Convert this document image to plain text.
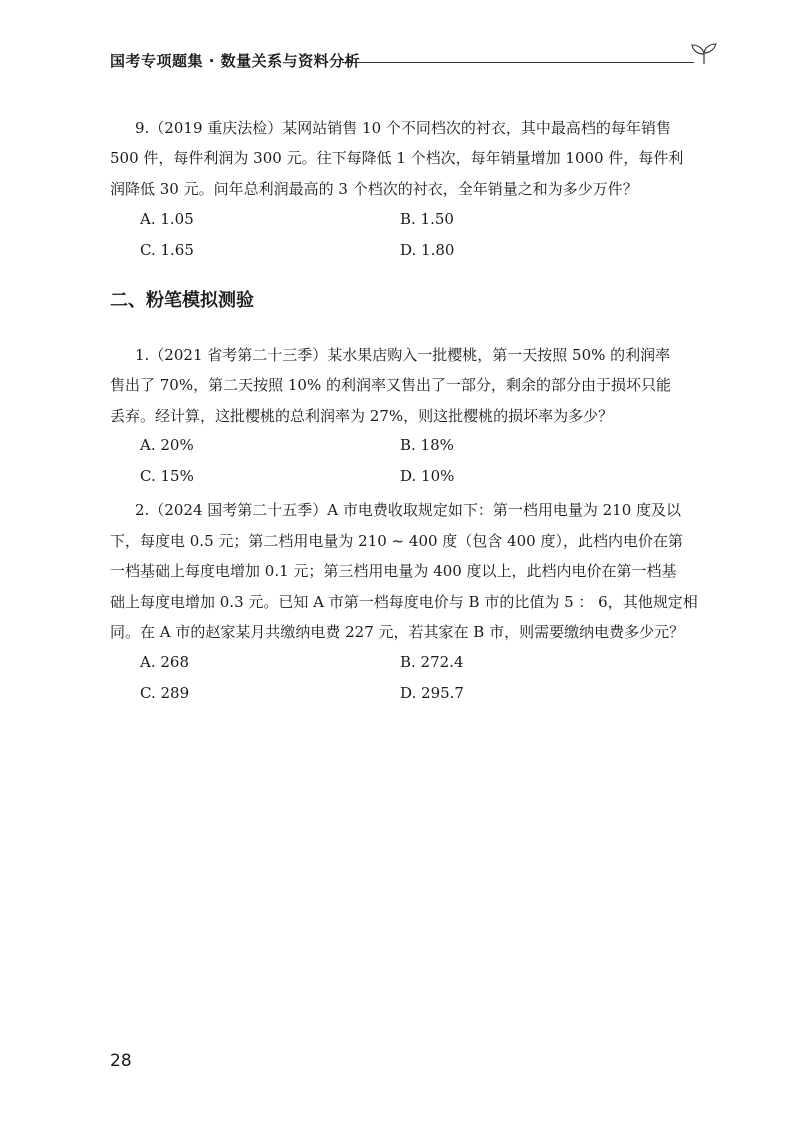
国考专项题集 · 数量关系与资料分析
9.（2019 重庆法检）某网站销售 10 个不同档次的衬衣，其中最高档的每年销售
500 件，每件利润为 300 元。往下每降低 1 个档次，每年销量增加 1000 件，每件利
润降低 30 元。问年总利润最高的 3 个档次的衬衣，全年销量之和为多少万件？
A. 1.05	B. 1.50
C. 1.65	D. 1.80
二、粉笔模拟测验
1.（2021 省考第二十三季）某水果店购入一批樱桃，第一天按照 50% 的利润率
售出了 70%，第二天按照 10% 的利润率又售出了一部分，剩余的部分由于损坏只能
丢弃。经计算，这批樱桃的总利润率为 27%，则这批樱桃的损坏率为多少？
A. 20%	B. 18%
C. 15%	D. 10%
2.（2024 国考第二十五季）A 市电费收取规定如下：第一档用电量为 210 度及以
下，每度电 0.5 元；第二档用电量为 210 ~ 400 度（包含 400 度），此档内电价在第
一档基础上每度电增加 0.1 元；第三档用电量为 400 度以上，此档内电价在第一档基
础上每度电增加 0.3 元。已知 A 市第一档每度电价与 B 市的比值为 5 ： 6，其他规定相
同。在 A 市的赵家某月共缴纳电费 227 元，若其家在 B 市，则需要缴纳电费多少元？
A. 268	B. 272.4
C. 289	D. 295.7
28
